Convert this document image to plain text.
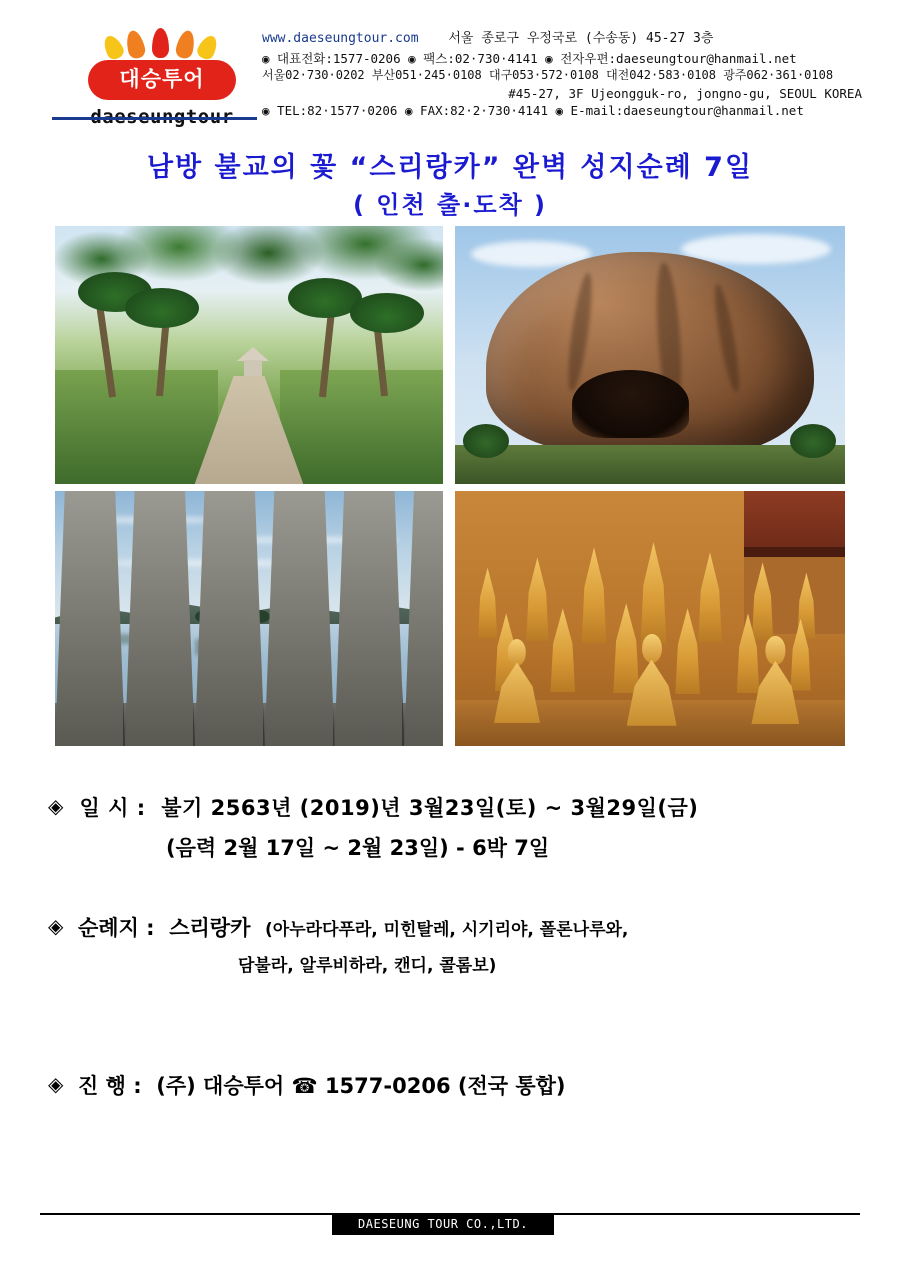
대승투어
www.daeseungtour.com 서울 종로구 우정국로 (수송동) 45-27 3층
◉ 대표전화:1577-0206 ◉ 팩스:02·730·4141 ◉ 전자우편:daeseungtour@hanmail.net
서울02·730·0202 부산051·245·0108 대구053·572·0108 대전042·583·0108 광주062·361·0108
#45-27, 3F Ujeongguk-ro, jongno-gu, SEOUL KOREA
◉ TEL:82·1577·0206 ◉ FAX:82·2·730·4141 ◉ E-mail:daeseungtour@hanmail.net
남방 불교의 꽃 “스리랑카” 완벽 성지순례 7일
( 인천 출·도착 )
◈ 일 시 : 불기 2563년 (2019)년 3월23일(토) ~ 3월29일(금)
(음력 2월 17일 ~ 2월 23일) - 6박 7일
◈ 순례지 : 스리랑카 (아누라다푸라, 미힌탈레, 시기리야, 폴론나루와,
담불라, 알루비하라, 캔디, 콜롬보)
◈ 진 행 : (주) 대승투어 ☎ 1577-0206 (전국 통합)
DAESEUNG TOUR CO.,LTD.
